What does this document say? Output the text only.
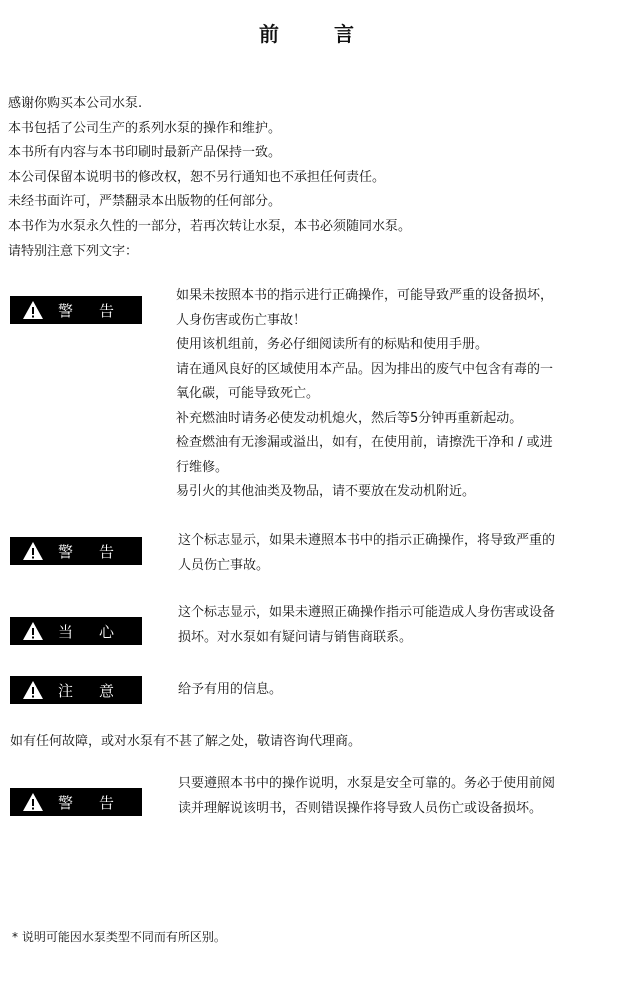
前 言

感谢你购买本公司水泵.

本书包括了公司生产的系列水泵的操作和维护。

本书所有内容与本书印刷时最新产品保持一致。

本公司保留本说明书的修改权，恕不另行通知也不承担任何责任。

未经书面许可，严禁翻录本出版物的任何部分。

本书作为水泵永久性的一部分，若再次转让水泵，本书必须随同水泵。

请特别注意下列文字：

警告

如果未按照本书的指示进行正确操作，可能导致严重的设备损坏，

人身伤害或伤亡事故！

使用该机组前，务必仔细阅读所有的标贴和使用手册。

请在通风良好的区域使用本产品。因为排出的废气中包含有毒的一

氧化碳，可能导致死亡。

补充燃油时请务必使发动机熄火，然后等5分钟再重新起动。

检查燃油有无渗漏或溢出，如有，在使用前，请擦洗干净和 / 或进

行维修。

易引火的其他油类及物品，请不要放在发动机附近。

警告

这个标志显示，如果未遵照本书中的指示正确操作，将导致严重的

人员伤亡事故。

当心

这个标志显示，如果未遵照正确操作指示可能造成人身伤害或设备

损坏。对水泵如有疑问请与销售商联系。

注意	给予有用的信息。

如有任何故障，或对水泵有不甚了解之处，敬请咨询代理商。
警告

只要遵照本书中的操作说明，水泵是安全可靠的。务必于使用前阅

读并理解说该明书，否则错误操作将导致人员伤亡或设备损坏。

* 说明可能因水泵类型不同而有所区别。
